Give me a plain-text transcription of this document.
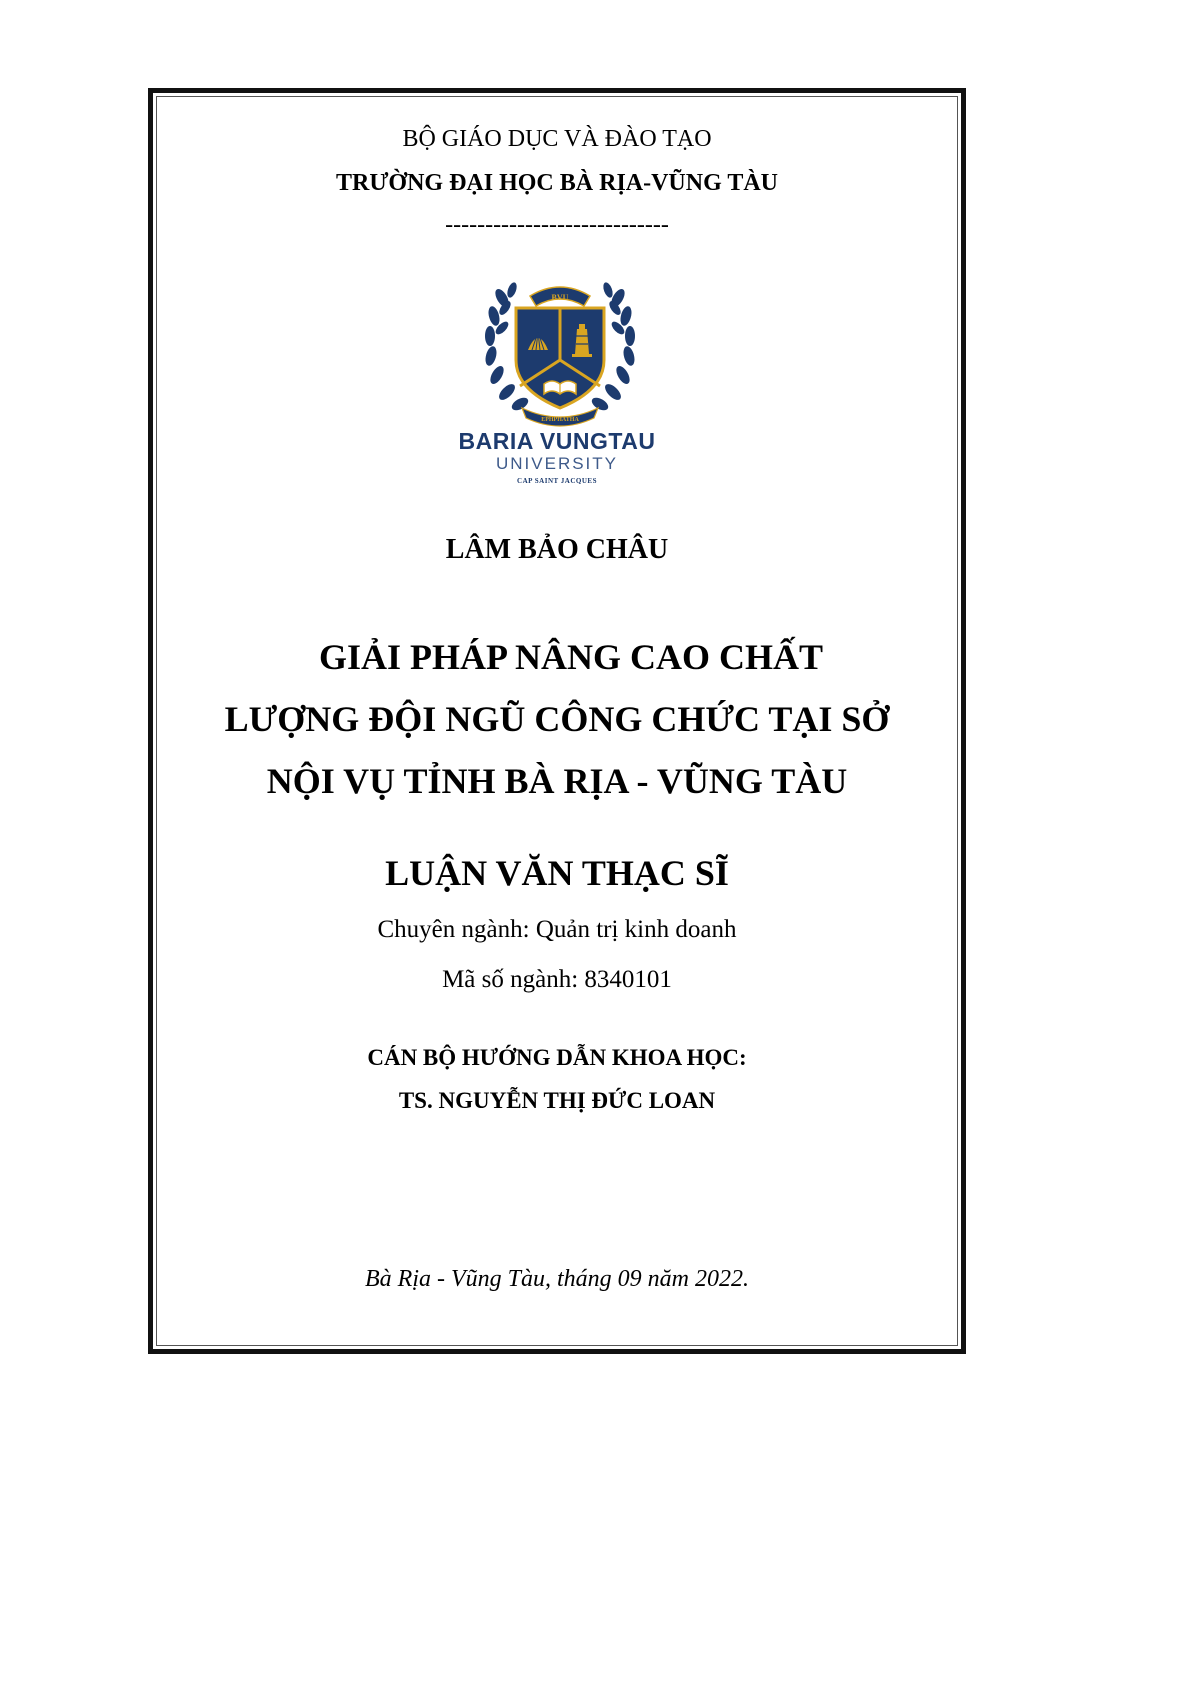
BỘ GIÁO DỤC VÀ ĐÀO TẠO
TRƯỜNG ĐẠI HỌC BÀ RỊA-VŨNG TÀU
----------------------------
BVU
EPHPHATHA
BARIA VUNGTAU
UNIVERSITY
CAP SAINT JACQUES
LÂM BẢO CHÂU
GIẢI PHÁP NÂNG CAO CHẤT
LƯỢNG ĐỘI NGŨ CÔNG CHỨC TẠI SỞ
NỘI VỤ TỈNH BÀ RỊA - VŨNG TÀU
LUẬN VĂN THẠC SĨ
Chuyên ngành: Quản trị kinh doanh
Mã số ngành: 8340101
CÁN BỘ HƯỚNG DẪN KHOA HỌC:
TS. NGUYỄN THỊ ĐỨC LOAN
Bà Rịa - Vũng Tàu, tháng 09 năm 2022.
